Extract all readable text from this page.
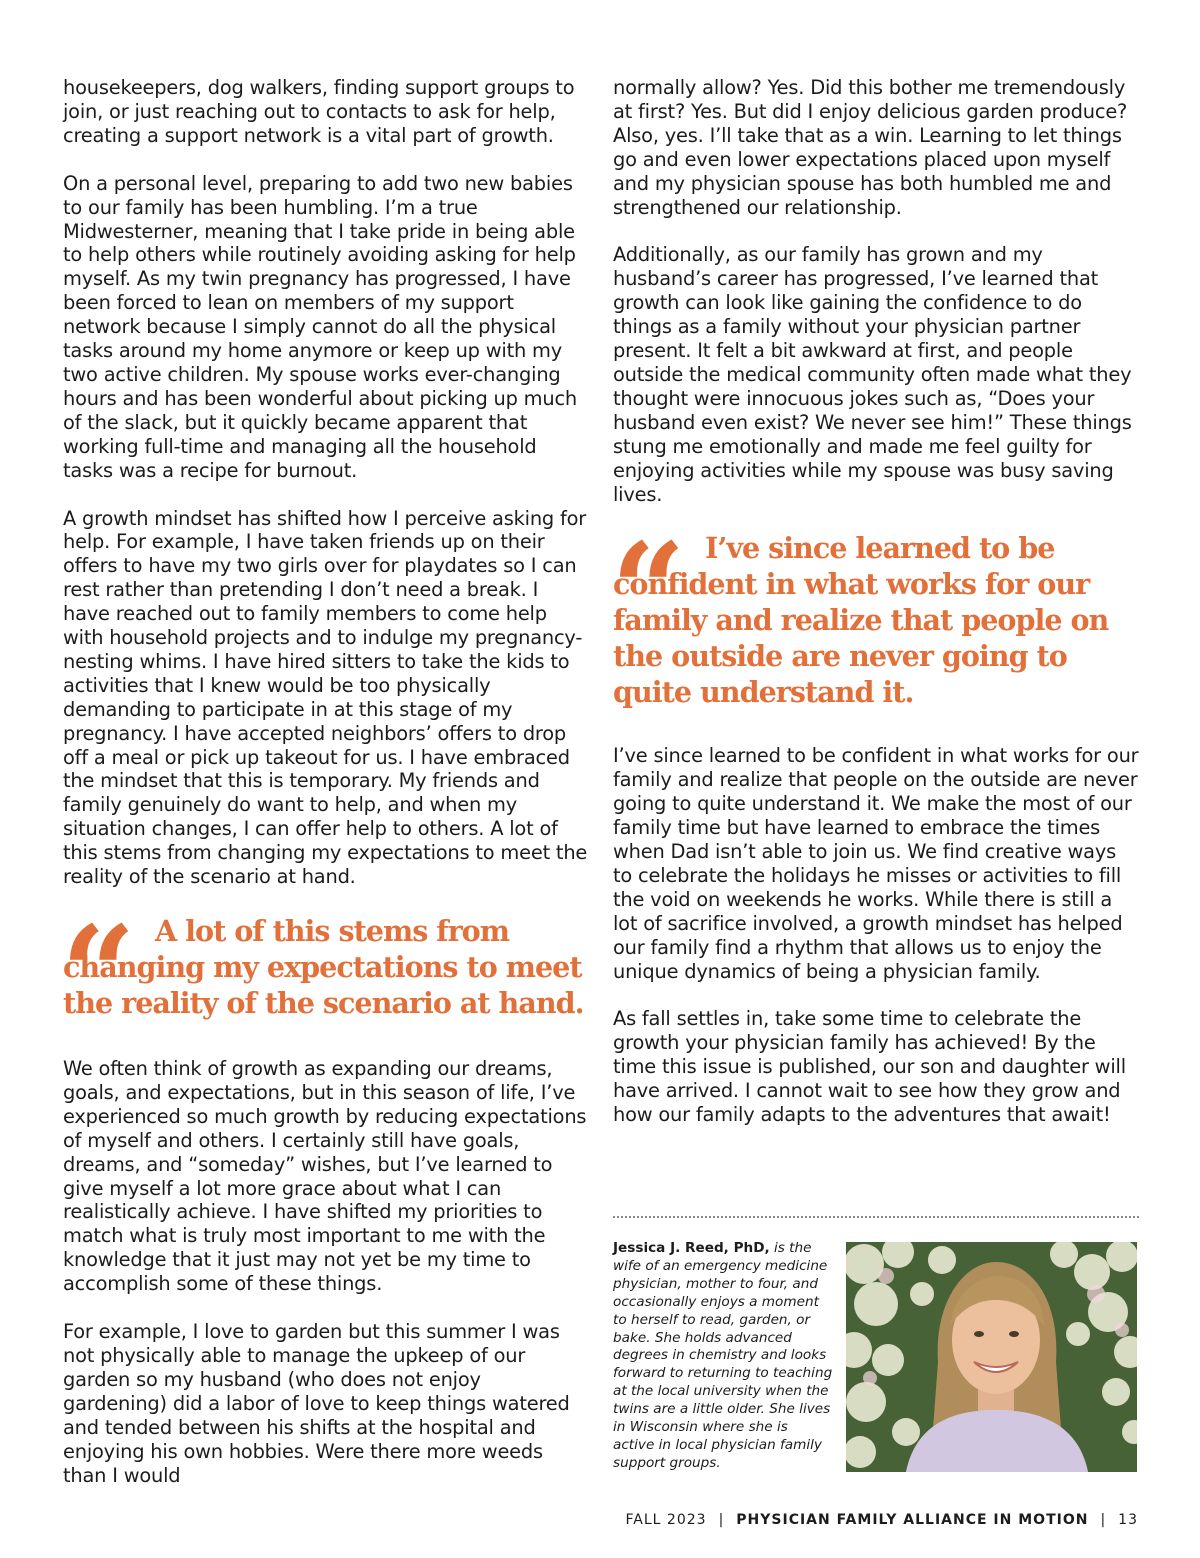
housekeepers, dog walkers, finding support groups to join, or just reaching out to contacts to ask for help, creating a support network is a vital part of growth.

On a personal level, preparing to add two new babies to our family has been humbling. I’m a true Midwesterner, meaning that I take pride in being able to help others while routinely avoiding asking for help myself. As my twin pregnancy has progressed, I have been forced to lean on members of my support network because I simply cannot do all the physical tasks around my home anymore or keep up with my two active children. My spouse works ever-changing hours and has been wonderful about picking up much of the slack, but it quickly became apparent that working full-time and managing all the household tasks was a recipe for burnout.

A growth mindset has shifted how I perceive asking for help. For example, I have taken friends up on their offers to have my two girls over for playdates so I can rest rather than pretending I don’t need a break. I have reached out to family members to come help with household projects and to indulge my pregnancy-nesting whims. I have hired sitters to take the kids to activities that I knew would be too physically demanding to participate in at this stage of my pregnancy. I have accepted neighbors’ offers to drop off a meal or pick up takeout for us. I have embraced the mindset that this is temporary. My friends and family genuinely do want to help, and when my situation changes, I can offer help to others. A lot of this stems from changing my expectations to meet the reality of the scenario at hand.

“ A lot of this stems from changing my expectations to meet the reality of the scenario at hand.

We often think of growth as expanding our dreams, goals, and expectations, but in this season of life, I’ve experienced so much growth by reducing expectations of myself and others. I certainly still have goals, dreams, and “someday” wishes, but I’ve learned to give myself a lot more grace about what I can realistically achieve. I have shifted my priorities to match what is truly most important to me with the knowledge that it just may not yet be my time to accomplish some of these things.

For example, I love to garden but this summer I was not physically able to manage the upkeep of our garden so my husband (who does not enjoy gardening) did a labor of love to keep things watered and tended between his shifts at the hospital and enjoying his own hobbies. Were there more weeds than I would

normally allow? Yes. Did this bother me tremendously at first? Yes. But did I enjoy delicious garden produce? Also, yes. I’ll take that as a win. Learning to let things go and even lower expectations placed upon myself and my physician spouse has both humbled me and strengthened our relationship.

Additionally, as our family has grown and my husband’s career has progressed, I’ve learned that growth can look like gaining the confidence to do things as a family without your physician partner present. It felt a bit awkward at first, and people outside the medical community often made what they thought were innocuous jokes such as, “Does your husband even exist? We never see him!” These things stung me emotionally and made me feel guilty for enjoying activities while my spouse was busy saving lives.

“ I’ve since learned to be confident in what works for our family and realize that people on the outside are never going to quite understand it.

I’ve since learned to be confident in what works for our family and realize that people on the outside are never going to quite understand it. We make the most of our family time but have learned to embrace the times when Dad isn’t able to join us. We find creative ways to celebrate the holidays he misses or activities to fill the void on weekends he works. While there is still a lot of sacrifice involved, a growth mindset has helped our family find a rhythm that allows us to enjoy the unique dynamics of being a physician family.

As fall settles in, take some time to celebrate the growth your physician family has achieved! By the time this issue is published, our son and daughter will have arrived. I cannot wait to see how they grow and how our family adapts to the adventures that await!

Jessica J. Reed, PhD, is the wife of an emergency medicine physician, mother to four, and occasionally enjoys a moment to herself to read, garden, or bake. She holds advanced degrees in chemistry and looks forward to returning to teaching at the local university when the twins are a little older. She lives in Wisconsin where she is active in local physician family support groups.
FALL 2023 | PHYSICIAN FAMILY ALLIANCE IN MOTION | 13
